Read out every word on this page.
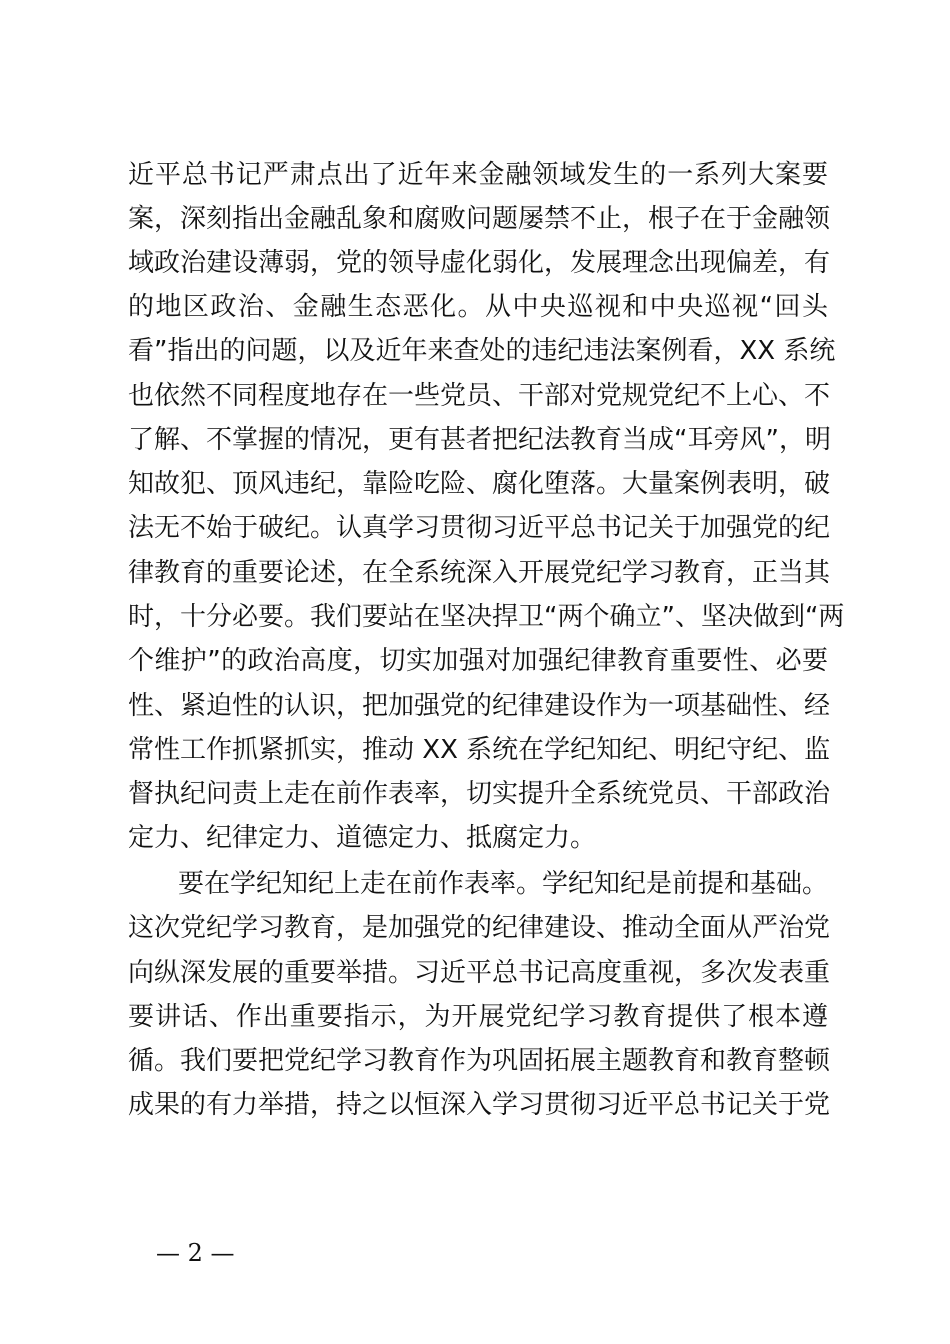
近平总书记严肃点出了近年来金融领域发生的一系列大案要
案，深刻指出金融乱象和腐败问题屡禁不止，根子在于金融领
域政治建设薄弱，党的领导虚化弱化，发展理念出现偏差，有
的地区政治、金融生态恶化。从中央巡视和中央巡视“回头
看”指出的问题，以及近年来查处的违纪违法案例看，XX 系统
也依然不同程度地存在一些党员、干部对党规党纪不上心、不
了解、不掌握的情况，更有甚者把纪法教育当成“耳旁风”，明
知故犯、顶风违纪，靠险吃险、腐化堕落。大量案例表明，破
法无不始于破纪。认真学习贯彻习近平总书记关于加强党的纪
律教育的重要论述，在全系统深入开展党纪学习教育，正当其
时，十分必要。我们要站在坚决捍卫“两个确立”、坚决做到“两
个维护”的政治高度，切实加强对加强纪律教育重要性、必要
性、紧迫性的认识，把加强党的纪律建设作为一项基础性、经
常性工作抓紧抓实，推动 XX 系统在学纪知纪、明纪守纪、监
督执纪问责上走在前作表率，切实提升全系统党员、干部政治
定力、纪律定力、道德定力、抵腐定力。
要在学纪知纪上走在前作表率。学纪知纪是前提和基础。
这次党纪学习教育，是加强党的纪律建设、推动全面从严治党
向纵深发展的重要举措。习近平总书记高度重视，多次发表重
要讲话、作出重要指示，为开展党纪学习教育提供了根本遵
循。我们要把党纪学习教育作为巩固拓展主题教育和教育整顿
成果的有力举措，持之以恒深入学习贯彻习近平总书记关于党
— 2 —
